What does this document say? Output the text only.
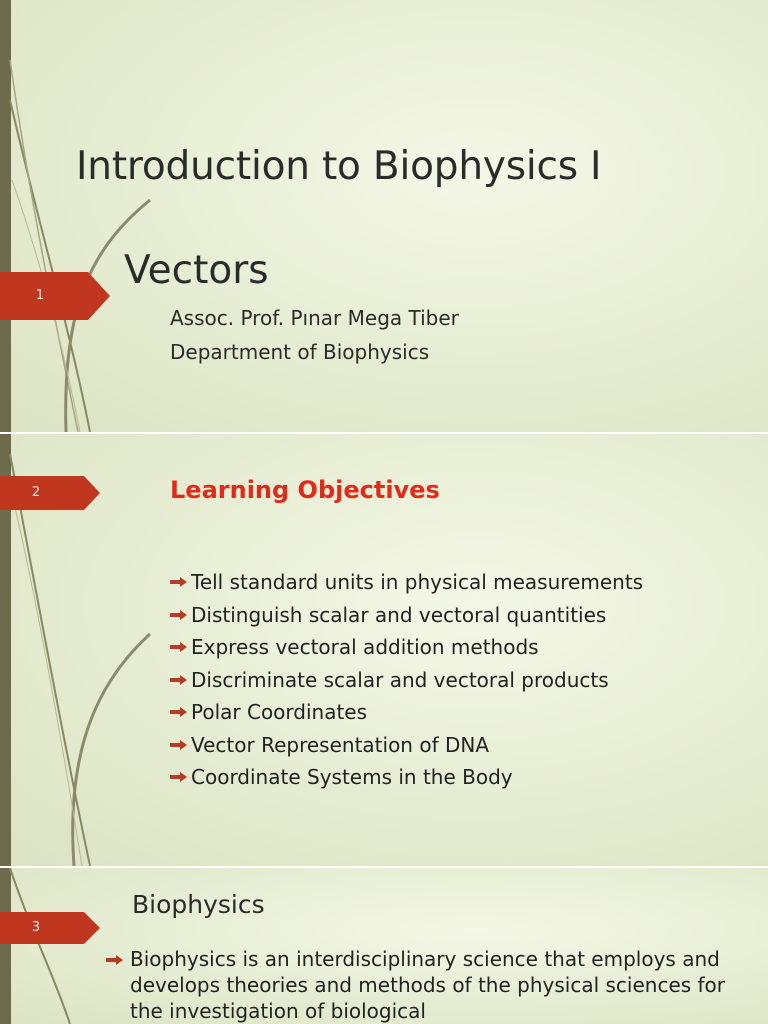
1
2
3
Introduction to Biophysics I
Vectors

Assoc. Prof. Pınar Mega Tiber

Department of Biophysics

Learning Objectives
Tell standard units in physical measurements
Distinguish scalar and vectoral quantities
Express vectoral addition methods
Discriminate scalar and vectoral products
Polar Coordinates
Vector Representation of DNA
Coordinate Systems in the Body
Biophysics

Biophysics is an interdisciplinary science that employs and develops theories and methods of the physical sciences for the investigation of biological
